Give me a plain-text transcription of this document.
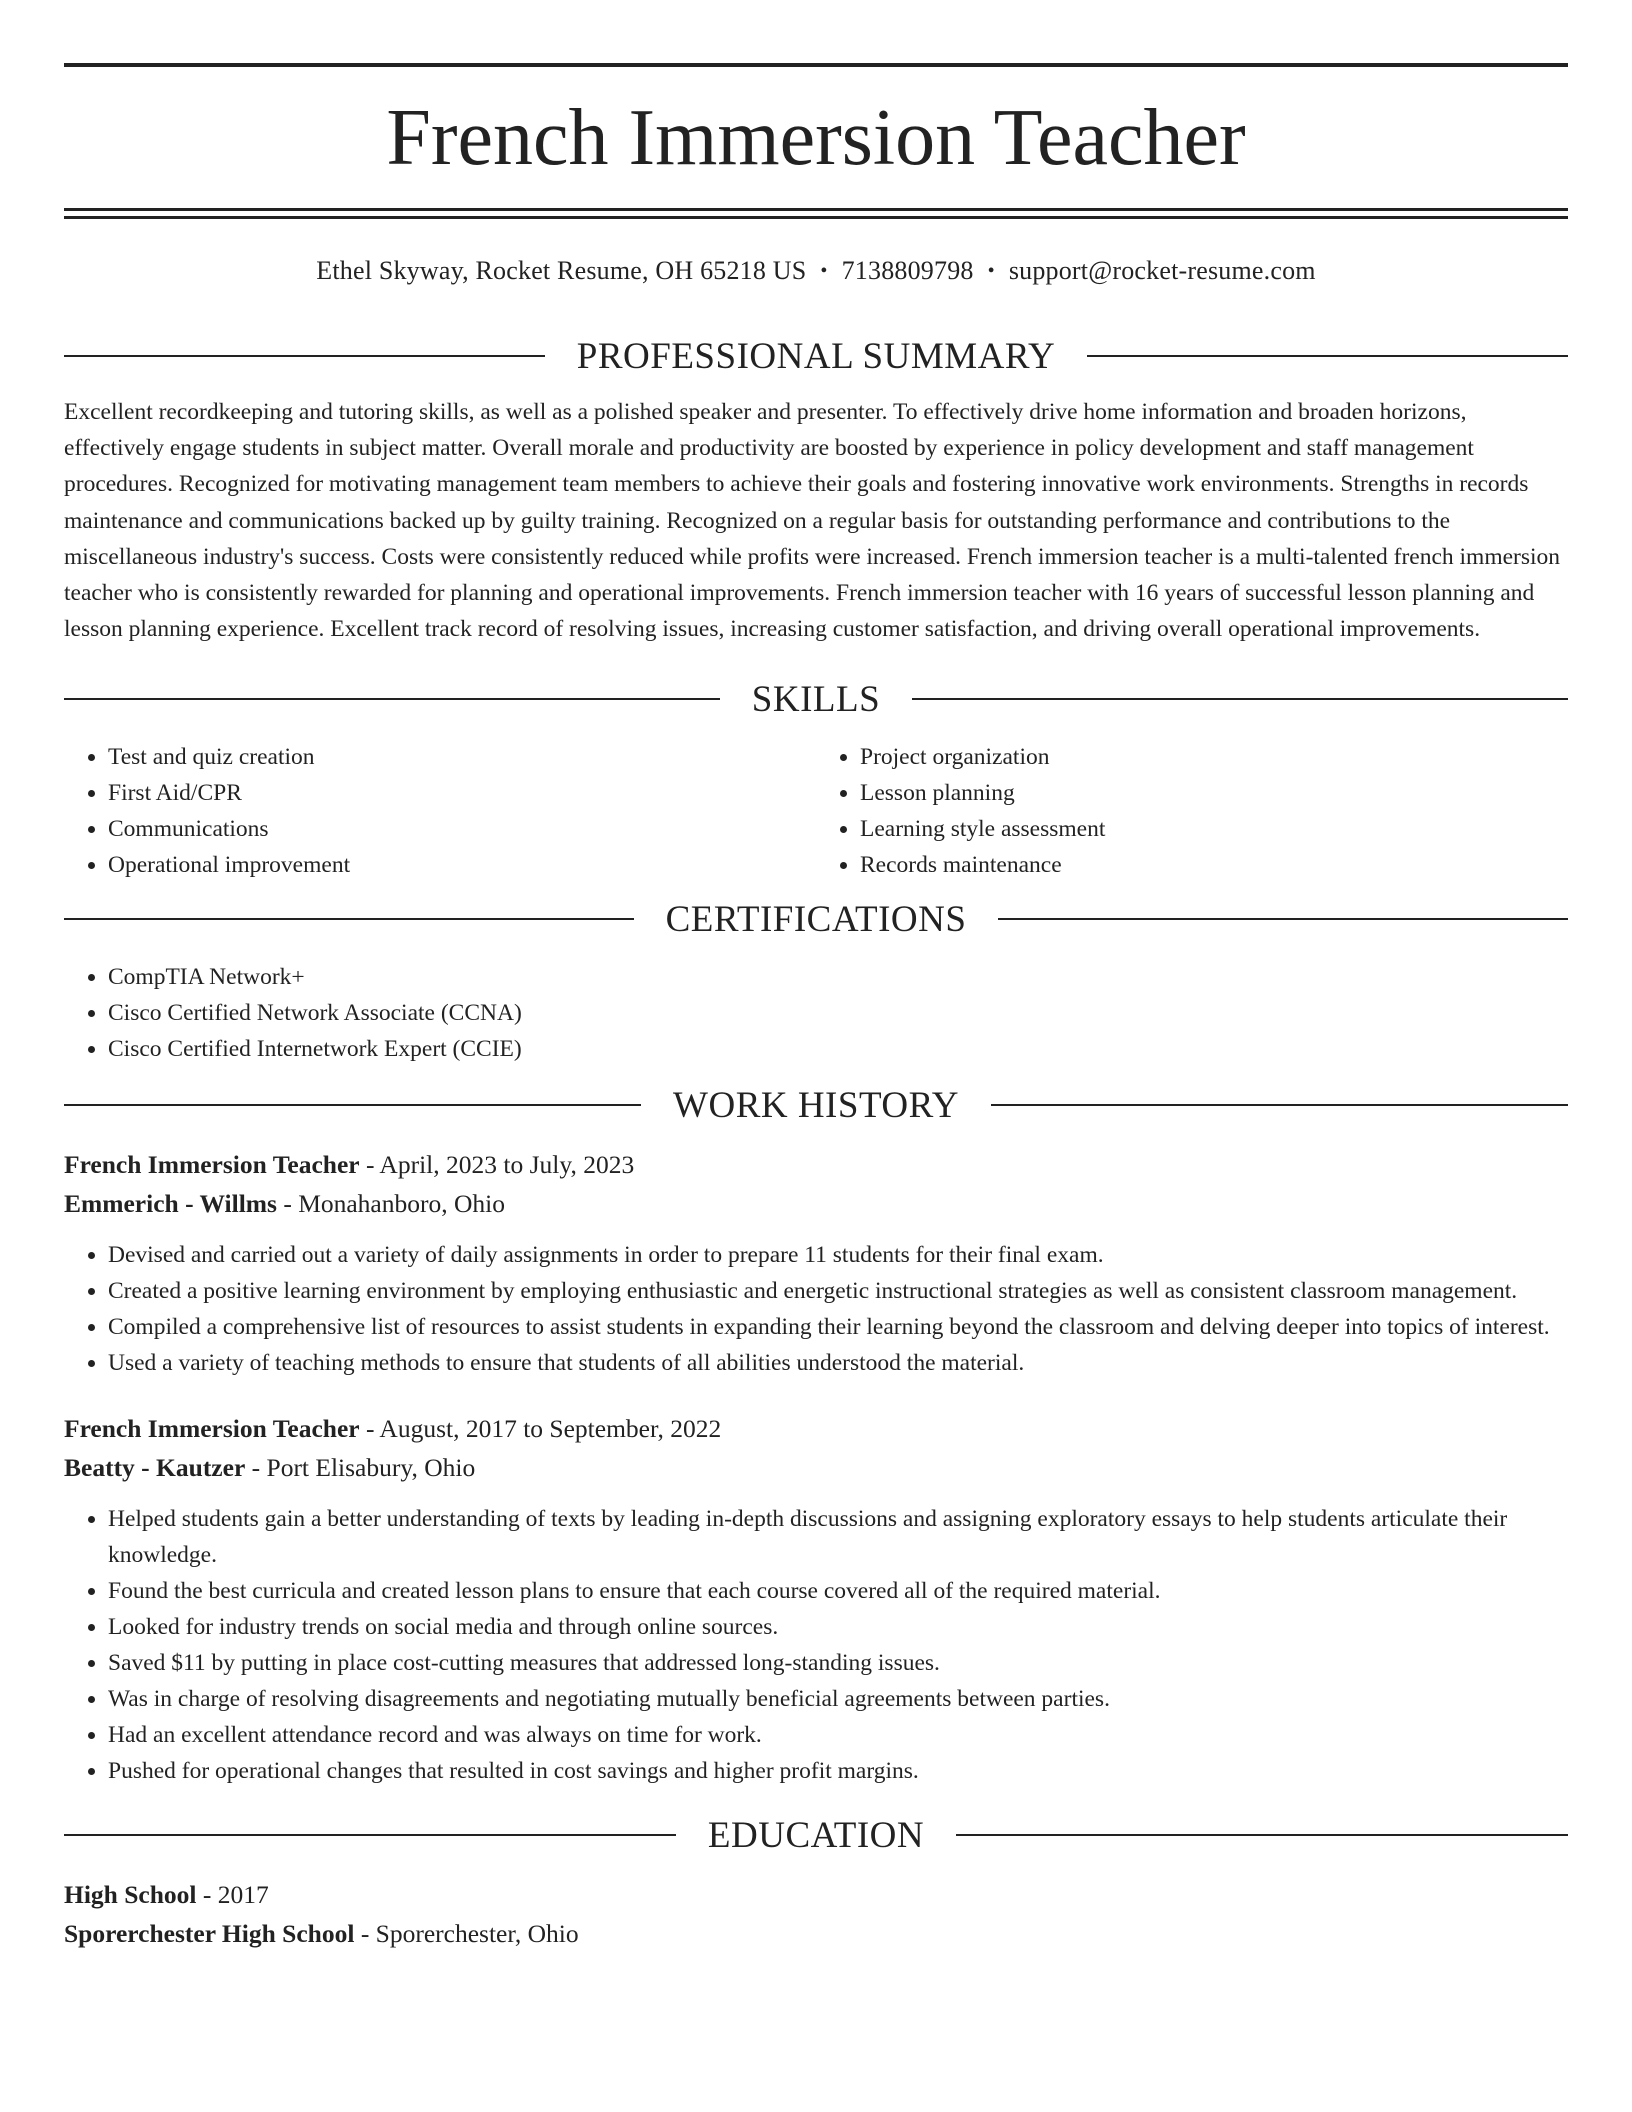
French Immersion Teacher
Ethel Skyway, Rocket Resume, OH 65218 US • 7138809798 • support@rocket-resume.com
PROFESSIONAL SUMMARY

Excellent recordkeeping and tutoring skills, as well as a polished speaker and presenter. To effectively drive home information and broaden horizons, effectively engage students in subject matter. Overall morale and productivity are boosted by experience in policy development and staff management procedures. Recognized for motivating management team members to achieve their goals and fostering innovative work environments. Strengths in records maintenance and communications backed up by guilty training. Recognized on a regular basis for outstanding performance and contributions to the miscellaneous industry's success. Costs were consistently reduced while profits were increased. French immersion teacher is a multi-talented french immersion teacher who is consistently rewarded for planning and operational improvements. French immersion teacher with 16 years of successful lesson planning and lesson planning experience. Excellent track record of resolving issues, increasing customer satisfaction, and driving overall operational improvements.

SKILLS
• Test and quiz creation
• First Aid/CPR
• Communications
• Operational improvement
• Project organization
• Lesson planning
• Learning style assessment
• Records maintenance
CERTIFICATIONS
• CompTIA Network+
• Cisco Certified Network Associate (CCNA)
• Cisco Certified Internetwork Expert (CCIE)
WORK HISTORY
French Immersion Teacher - April, 2023 to July, 2023
Emmerich - Willms - Monahanboro, Ohio
• Devised and carried out a variety of daily assignments in order to prepare 11 students for their final exam.
• Created a positive learning environment by employing enthusiastic and energetic instructional strategies as well as consistent classroom management.
• Compiled a comprehensive list of resources to assist students in expanding their learning beyond the classroom and delving deeper into topics of interest.
• Used a variety of teaching methods to ensure that students of all abilities understood the material.
French Immersion Teacher - August, 2017 to September, 2022
Beatty - Kautzer - Port Elisabury, Ohio
• Helped students gain a better understanding of texts by leading in-depth discussions and assigning exploratory essays to help students articulate their knowledge.
• Found the best curricula and created lesson plans to ensure that each course covered all of the required material.
• Looked for industry trends on social media and through online sources.
• Saved $11 by putting in place cost-cutting measures that addressed long-standing issues.
• Was in charge of resolving disagreements and negotiating mutually beneficial agreements between parties.
• Had an excellent attendance record and was always on time for work.
• Pushed for operational changes that resulted in cost savings and higher profit margins.
EDUCATION
High School - 2017
Sporerchester High School - Sporerchester, Ohio
